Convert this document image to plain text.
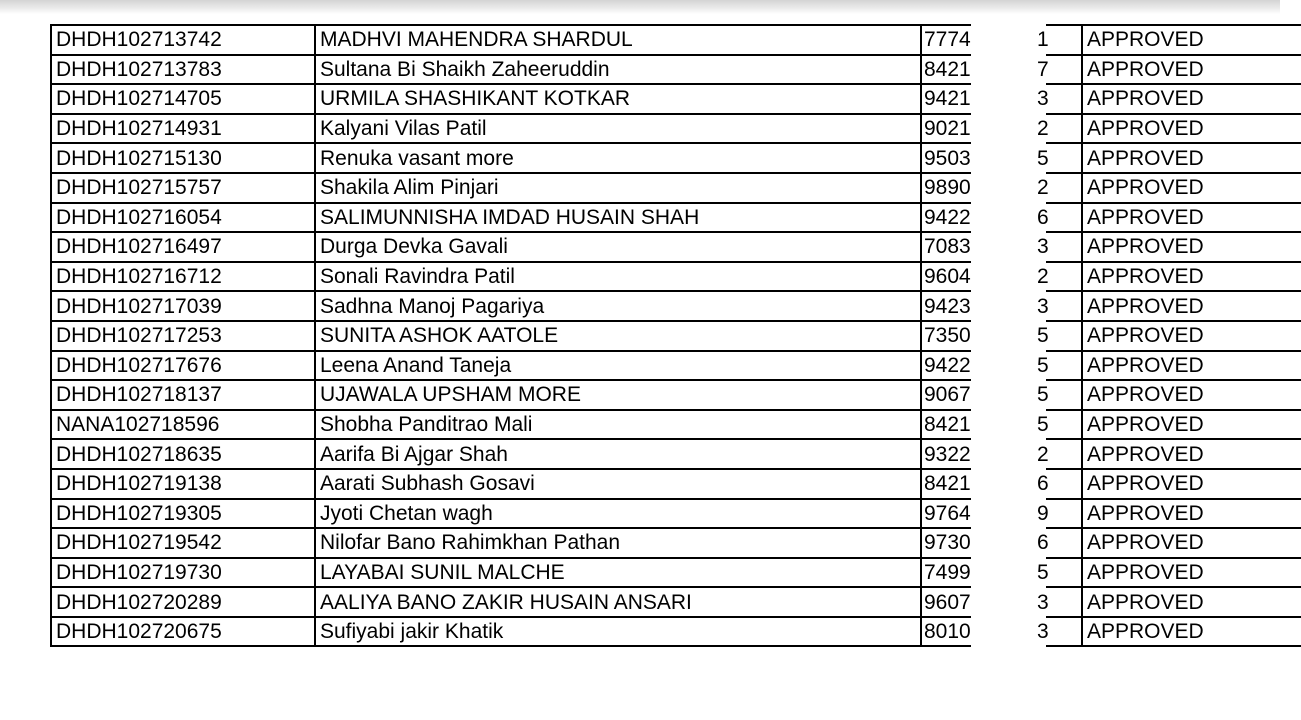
DHDH102713742	MADHVI MAHENDRA SHARDUL	7774		1	APPROVED
DHDH102713783	Sultana Bi Shaikh Zaheeruddin	8421		7	APPROVED
DHDH102714705	URMILA SHASHIKANT KOTKAR	9421		3	APPROVED
DHDH102714931	Kalyani Vilas Patil	9021		2	APPROVED
DHDH102715130	Renuka vasant more	9503		5	APPROVED
DHDH102715757	Shakila Alim Pinjari	9890		2	APPROVED
DHDH102716054	SALIMUNNISHA IMDAD HUSAIN SHAH	9422		6	APPROVED
DHDH102716497	Durga Devka Gavali	7083		3	APPROVED
DHDH102716712	Sonali Ravindra Patil	9604		2	APPROVED
DHDH102717039	Sadhna Manoj Pagariya	9423		3	APPROVED
DHDH102717253	SUNITA ASHOK AATOLE	7350		5	APPROVED
DHDH102717676	Leena Anand Taneja	9422		5	APPROVED
DHDH102718137	UJAWALA UPSHAM MORE	9067		5	APPROVED
NANA102718596	Shobha Panditrao Mali	8421		5	APPROVED
DHDH102718635	Aarifa Bi Ajgar Shah	9322		2	APPROVED
DHDH102719138	Aarati Subhash Gosavi	8421		6	APPROVED
DHDH102719305	Jyoti Chetan wagh	9764		9	APPROVED
DHDH102719542	Nilofar Bano Rahimkhan Pathan	9730		6	APPROVED
DHDH102719730	LAYABAI SUNIL MALCHE	7499		5	APPROVED
DHDH102720289	AALIYA BANO ZAKIR HUSAIN ANSARI	9607		3	APPROVED
DHDH102720675	Sufiyabi jakir Khatik	8010		3	APPROVED
